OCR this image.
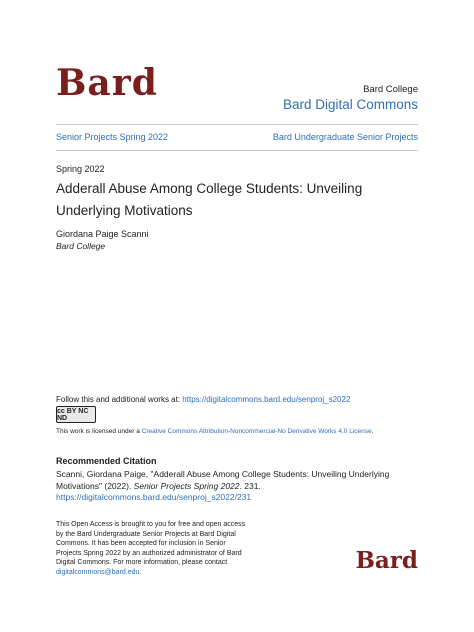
Bard	Bard College
Bard Digital Commons
Senior Projects Spring 2022	Bard Undergraduate Senior Projects
Spring 2022
Adderall Abuse Among College Students: Unveiling Underlying Motivations
Giordana Paige Scanni
Bard College
Follow this and additional works at: https://digitalcommons.bard.edu/senproj_s2022
cc BY NC ND
This work is licensed under a Creative Commons Attribution-Noncommercial-No Derivative Works 4.0 License.
Recommended Citation
Scanni, Giordana Paige, "Adderall Abuse Among College Students: Unveiling Underlying Motivations" (2022). Senior Projects Spring 2022. 231.
https://digitalcommons.bard.edu/senproj_s2022/231
This Open Access is brought to you for free and open access by the Bard Undergraduate Senior Projects at Bard Digital Commons. It has been accepted for inclusion in Senior Projects Spring 2022 by an authorized administrator of Bard Digital Commons. For more information, please contact digitalcommons@bard.edu.	Bard
